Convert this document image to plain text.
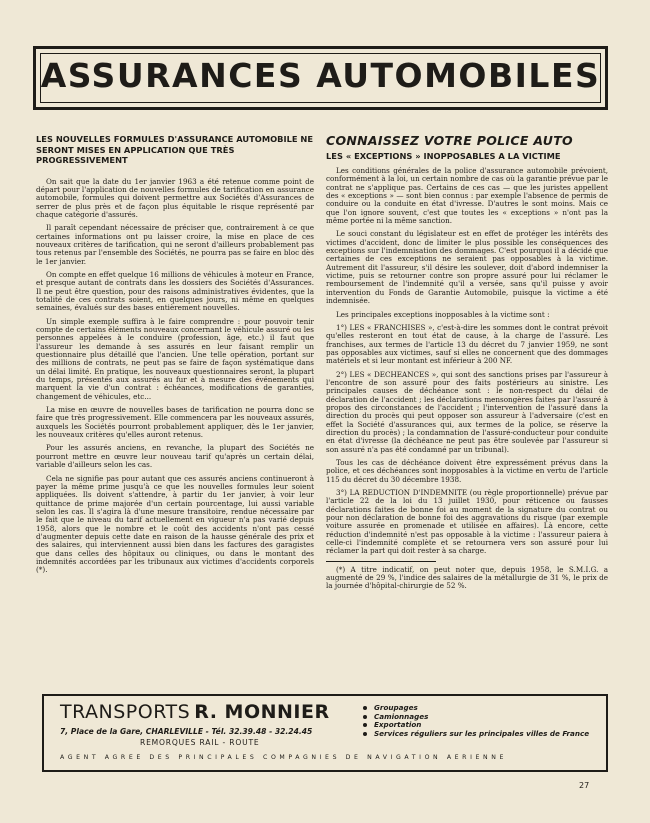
ASSURANCES AUTOMOBILES
LES NOUVELLES FORMULES D'ASSURANCE AUTOMOBILE NE SERONT MISES EN APPLICATION QUE TRÈS PROGRESSIVEMENT

On sait que la date du 1er janvier 1963 a été retenue comme point de départ pour l'application de nouvelles formules de tarification en assurance automobile, formules qui doivent permettre aux Sociétés d'Assurances de serrer de plus près et de façon plus équitable le risque représenté par chaque catégorie d'assurés.

Il paraît cependant nécessaire de préciser que, contrairement à ce que certaines informations ont pu laisser croire, la mise en place de ces nouveaux critères de tarification, qui ne seront d'ailleurs probablement pas tous retenus par l'ensemble des Sociétés, ne pourra pas se faire en bloc dès le 1er janvier.

On compte en effet quelque 16 millions de véhicules à moteur en France, et presque autant de contrats dans les dossiers des Sociétés d'Assurances. Il ne peut être question, pour des raisons administratives évidentes, que la totalité de ces contrats soient, en quelques jours, ni même en quelques semaines, évalués sur des bases entièrement nouvelles.

Un simple exemple suffira à le faire comprendre : pour pouvoir tenir compte de certains éléments nouveaux concernant le véhicule assuré ou les personnes appelées à le conduire (profession, âge, etc.) il faut que l'assureur les demande à ses assurés en leur faisant remplir un questionnaire plus détaillé que l'ancien. Une telle opération, portant sur des millions de contrats, ne peut pas se faire de façon systématique dans un délai limité. En pratique, les nouveaux questionnaires seront, la plupart du temps, présentés aux assurés au fur et à mesure des événements qui marquent la vie d'un contrat : échéances, modifications de garanties, changement de véhicules, etc...

La mise en œuvre de nouvelles bases de tarification ne pourra donc se faire que très progressivement. Elle commencera par les nouveaux assurés, auxquels les Sociétés pourront probablement appliquer, dès le 1er janvier, les nouveaux critères qu'elles auront retenus.

Pour les assurés anciens, en revanche, la plupart des Sociétés ne pourront mettre en œuvre leur nouveau tarif qu'après un certain délai, variable d'ailleurs selon les cas.

Cela ne signifie pas pour autant que ces assurés anciens continueront à payer la même prime jusqu'à ce que les nouvelles formules leur soient appliquées. Ils doivent s'attendre, à partir du 1er janvier, à voir leur quittance de prime majorée d'un certain pourcentage, lui aussi variable selon les cas. Il s'agira là d'une mesure transitoire, rendue nécessaire par le fait que le niveau du tarif actuellement en vigueur n'a pas varié depuis 1958, alors que le nombre et le coût des accidents n'ont pas cessé d'augmenter depuis cette date en raison de la hausse générale des prix et des salaires, qui interviennent aussi bien dans les factures des garagistes que dans celles des hôpitaux ou cliniques, ou dans le montant des indemnités accordées par les tribunaux aux victimes d'accidents corporels (*).

CONNAISSEZ VOTRE POLICE AUTO
LES « EXCEPTIONS » INOPPOSABLES A LA VICTIME

Les conditions générales de la police d'assurance automobile prévoient, conformément à la loi, un certain nombre de cas où la garantie prévue par le contrat ne s'applique pas. Certains de ces cas — que les juristes appellent des « exceptions » — sont bien connus : par exemple l'absence de permis de conduire ou la conduite en état d'ivresse. D'autres le sont moins. Mais ce que l'on ignore souvent, c'est que toutes les « exceptions » n'ont pas la même portée ni la même sanction.

Le souci constant du législateur est en effet de protéger les intérêts des victimes d'accident, donc de limiter le plus possible les conséquences des exceptions sur l'indemnisation des dommages. C'est pourquoi il a décidé que certaines de ces exceptions ne seraient pas opposables à la victime. Autrement dit l'assureur, s'il désire les soulever, doit d'abord indemniser la victime, puis se retourner contre son propre assuré pour lui réclamer le remboursement de l'indemnité qu'il a versée, sans qu'il puisse y avoir intervention du Fonds de Garantie Automobile, puisque la victime a été indemnisée.

Les principales exceptions inopposables à la victime sont :

1°) LES « FRANCHISES », c'est-à-dire les sommes dont le contrat prévoit qu'elles resteront en tout état de cause, à la charge de l'assuré. Les franchises, aux termes de l'article 13 du décret du 7 janvier 1959, ne sont pas opposables aux victimes, sauf si elles ne concernent que des dommages matériels et si leur montant est inférieur à 200 NF.

2°) LES « DECHEANCES », qui sont des sanctions prises par l'assureur à l'encontre de son assuré pour des faits postérieurs au sinistre. Les principales causes de déchéance sont : le non-respect du délai de déclaration de l'accident ; les déclarations mensongères faites par l'assuré à propos des circonstances de l'accident ; l'intervention de l'assuré dans la direction du procès qui peut opposer son assureur à l'adversaire (c'est en effet la Société d'assurances qui, aux termes de la police, se réserve la direction du procès) ; la condamnation de l'assuré-conducteur pour conduite en état d'ivresse (la déchéance ne peut pas être soulevée par l'assureur si son assuré n'a pas été condamné par un tribunal).

Tous les cas de déchéance doivent être expressément prévus dans la police, et ces déchéances sont inopposables à la victime en vertu de l'article 115 du décret du 30 décembre 1938.

3°) LA REDUCTION D'INDEMNITE (ou règle proportionnelle) prévue par l'article 22 de la loi du 13 juillet 1930, pour réticence ou fausses déclarations faites de bonne foi au moment de la signature du contrat ou pour non déclaration de bonne foi des aggravations du risque (par exemple voiture assurée en promenade et utilisée en affaires). Là encore, cette réduction d'indemnité n'est pas opposable à la victime : l'assureur paiera à celle-ci l'indemnité complète et se retournera vers son assuré pour lui réclamer la part qui doit rester à sa charge.

(*) A titre indicatif, on peut noter que, depuis 1958, le S.M.I.G. a augmenté de 29 %, l'indice des salaires de la métallurgie de 31 %, le prix de la journée d'hôpital-chirurgie de 52 %.

TRANSPORTS R. MONNIER
7, Place de la Gare, CHARLEVILLE - Tél. 32.39.48 - 32.24.45
REMORQUES RAIL - ROUTE
AGENT AGRÉÉ DES PRINCIPALES COMPAGNIES DE NAVIGATION AÉRIENNE
Groupages
Camionnages
Exportation
Services réguliers sur les principales villes de France
27
